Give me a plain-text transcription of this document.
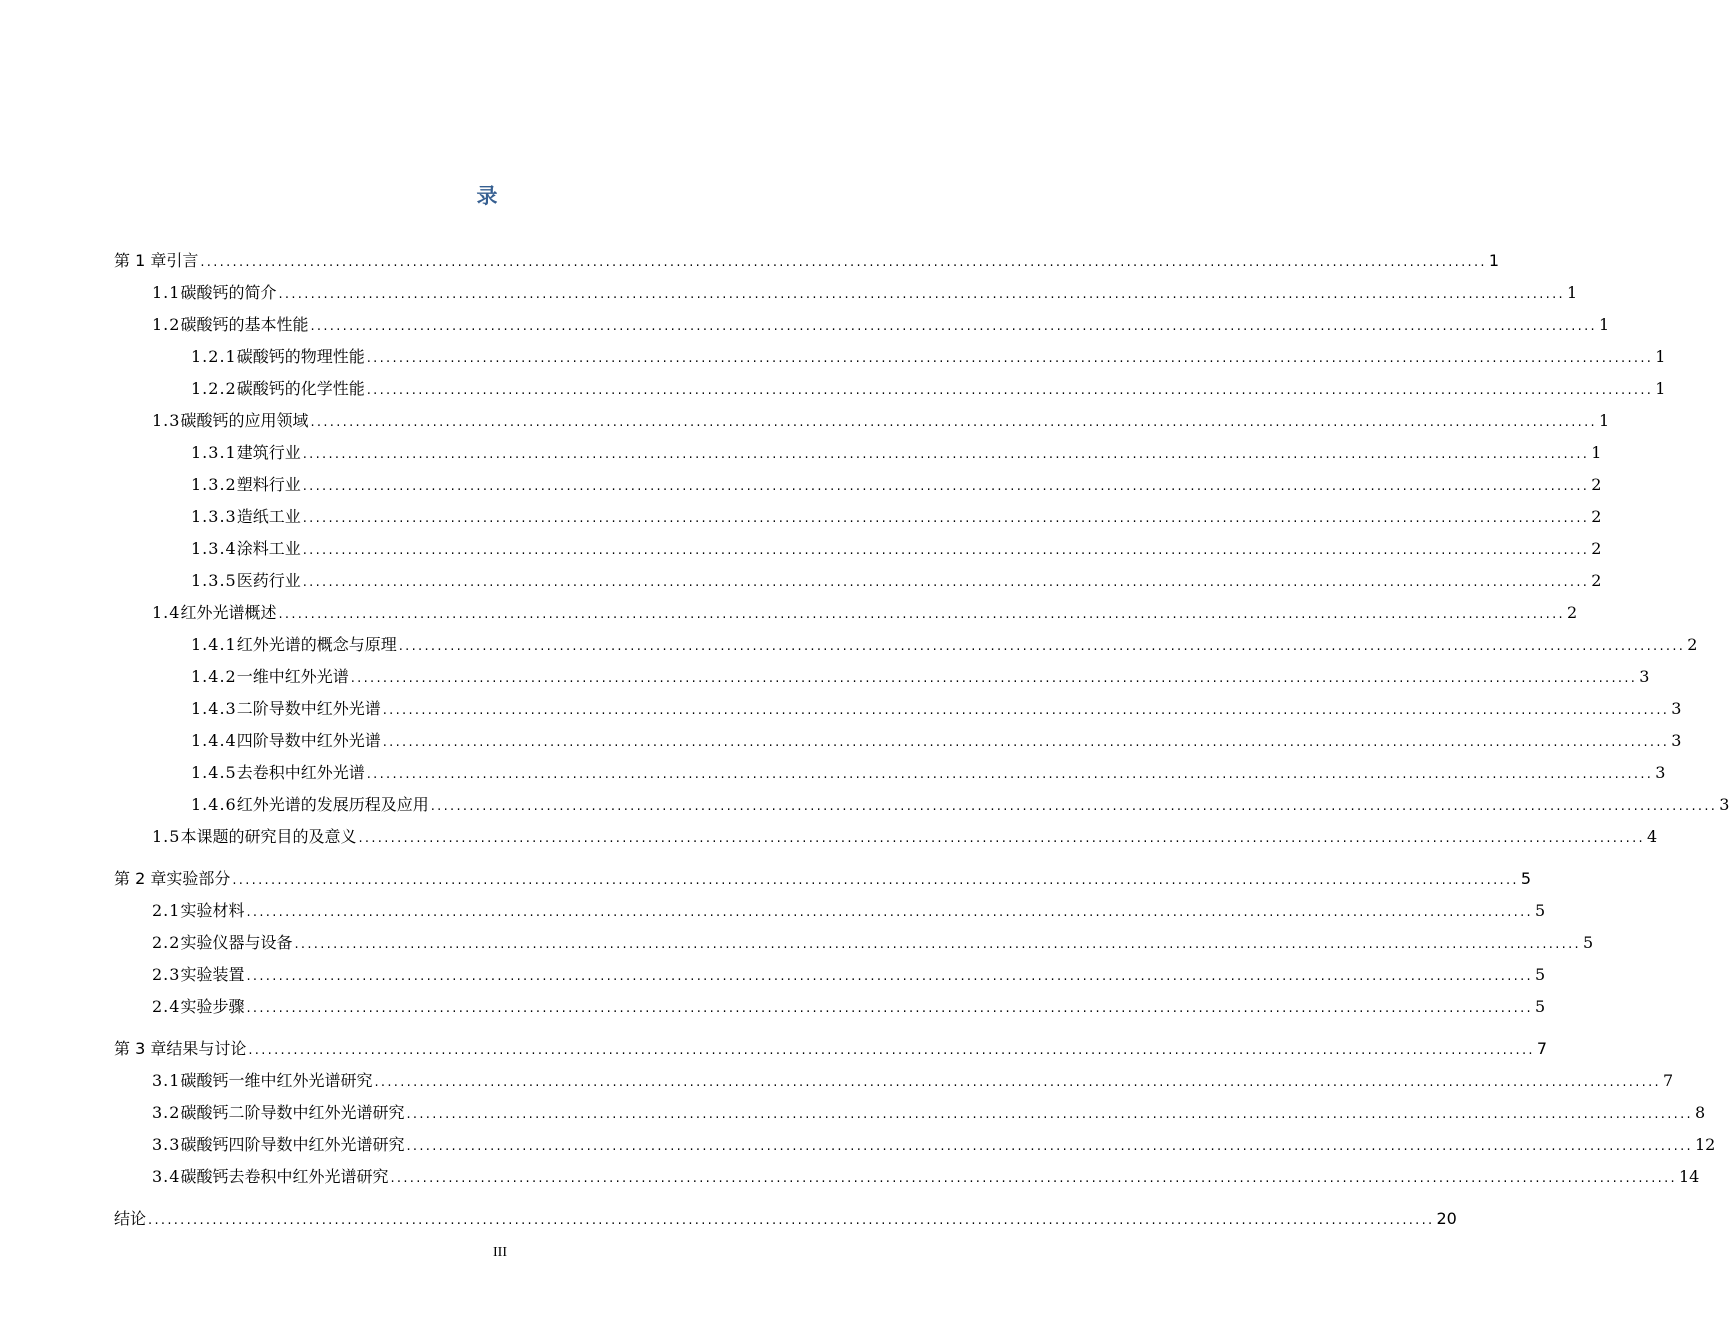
录
第 1 章 引言 ........................................................................................................................................................................................................ 1
1.1 碳酸钙的简介 ........................................................................................................................................................................................................ 1
1.2 碳酸钙的基本性能 ........................................................................................................................................................................................................ 1
1.2.1 碳酸钙的物理性能 ........................................................................................................................................................................................................ 1
1.2.2 碳酸钙的化学性能 ........................................................................................................................................................................................................ 1
1.3 碳酸钙的应用领域 ........................................................................................................................................................................................................ 1
1.3.1 建筑行业 ........................................................................................................................................................................................................ 1
1.3.2 塑料行业 ........................................................................................................................................................................................................ 2
1.3.3 造纸工业 ........................................................................................................................................................................................................ 2
1.3.4 涂料工业 ........................................................................................................................................................................................................ 2
1.3.5 医药行业 ........................................................................................................................................................................................................ 2
1.4 红外光谱概述 ........................................................................................................................................................................................................ 2
1.4.1 红外光谱的概念与原理 ........................................................................................................................................................................................................ 2
1.4.2 一维中红外光谱 ........................................................................................................................................................................................................ 3
1.4.3 二阶导数中红外光谱 ........................................................................................................................................................................................................ 3
1.4.4 四阶导数中红外光谱 ........................................................................................................................................................................................................ 3
1.4.5 去卷积中红外光谱 ........................................................................................................................................................................................................ 3
1.4.6 红外光谱的发展历程及应用 ........................................................................................................................................................................................................ 3
1.5 本课题的研究目的及意义 ........................................................................................................................................................................................................ 4
第 2 章 实验部分 ........................................................................................................................................................................................................ 5
2.1 实验材料 ........................................................................................................................................................................................................ 5
2.2 实验仪器与设备 ........................................................................................................................................................................................................ 5
2.3 实验装置 ........................................................................................................................................................................................................ 5
2.4 实验步骤 ........................................................................................................................................................................................................ 5
第 3 章 结果与讨论 ........................................................................................................................................................................................................ 7
3.1 碳酸钙一维中红外光谱研究 ........................................................................................................................................................................................................ 7
3.2 碳酸钙二阶导数中红外光谱研究 ........................................................................................................................................................................................................ 8
3.3 碳酸钙四阶导数中红外光谱研究 ........................................................................................................................................................................................................ 12
3.4 碳酸钙去卷积中红外光谱研究 ........................................................................................................................................................................................................ 14
结论 ........................................................................................................................................................................................................ 20
III
